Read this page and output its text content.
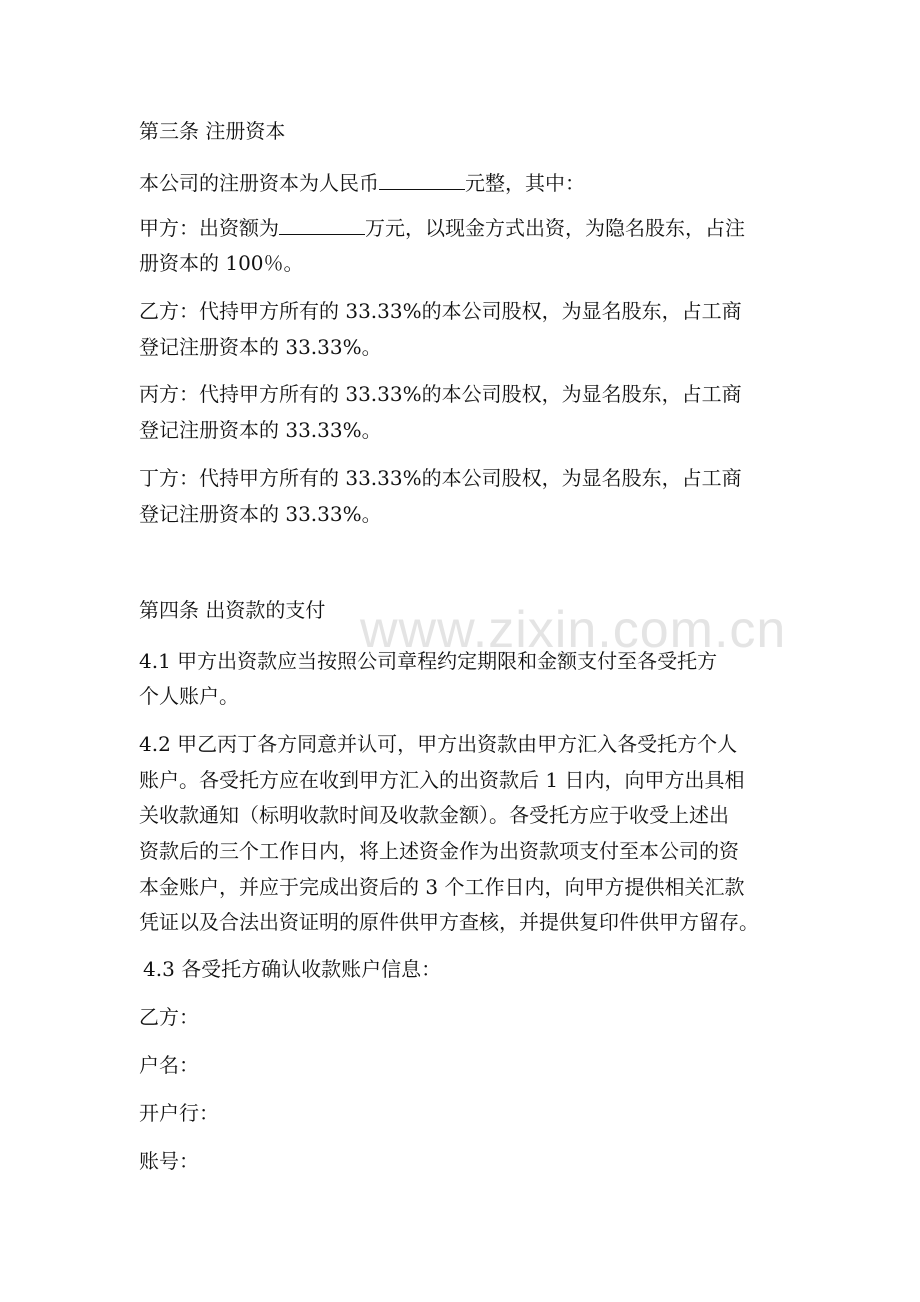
www.zixin.com.cn
第三条 注册资本
本公司的注册资本为人民币	元整，其中：
甲方：出资额为	万元，以现金方式出资，为隐名股东，占注
册资本的 100％。
乙方：代持甲方所有的 33.33%的本公司股权，为显名股东，占工商
登记注册资本的 33.33%。
丙方：代持甲方所有的 33.33%的本公司股权，为显名股东，占工商
登记注册资本的 33.33%。
丁方：代持甲方所有的 33.33%的本公司股权，为显名股东，占工商
登记注册资本的 33.33%。
第四条 出资款的支付
4.1 甲方出资款应当按照公司章程约定期限和金额支付至各受托方
个人账户。
4.2 甲乙丙丁各方同意并认可，甲方出资款由甲方汇入各受托方个人
账户。各受托方应在收到甲方汇入的出资款后 1 日内，向甲方出具相
关收款通知（标明收款时间及收款金额）。各受托方应于收受上述出
资款后的三个工作日内，将上述资金作为出资款项支付至本公司的资
本金账户，并应于完成出资后的 3 个工作日内，向甲方提供相关汇款
凭证以及合法出资证明的原件供甲方查核，并提供复印件供甲方留存。
4.3 各受托方确认收款账户信息：
乙方：
户名：
开户行：
账号：
